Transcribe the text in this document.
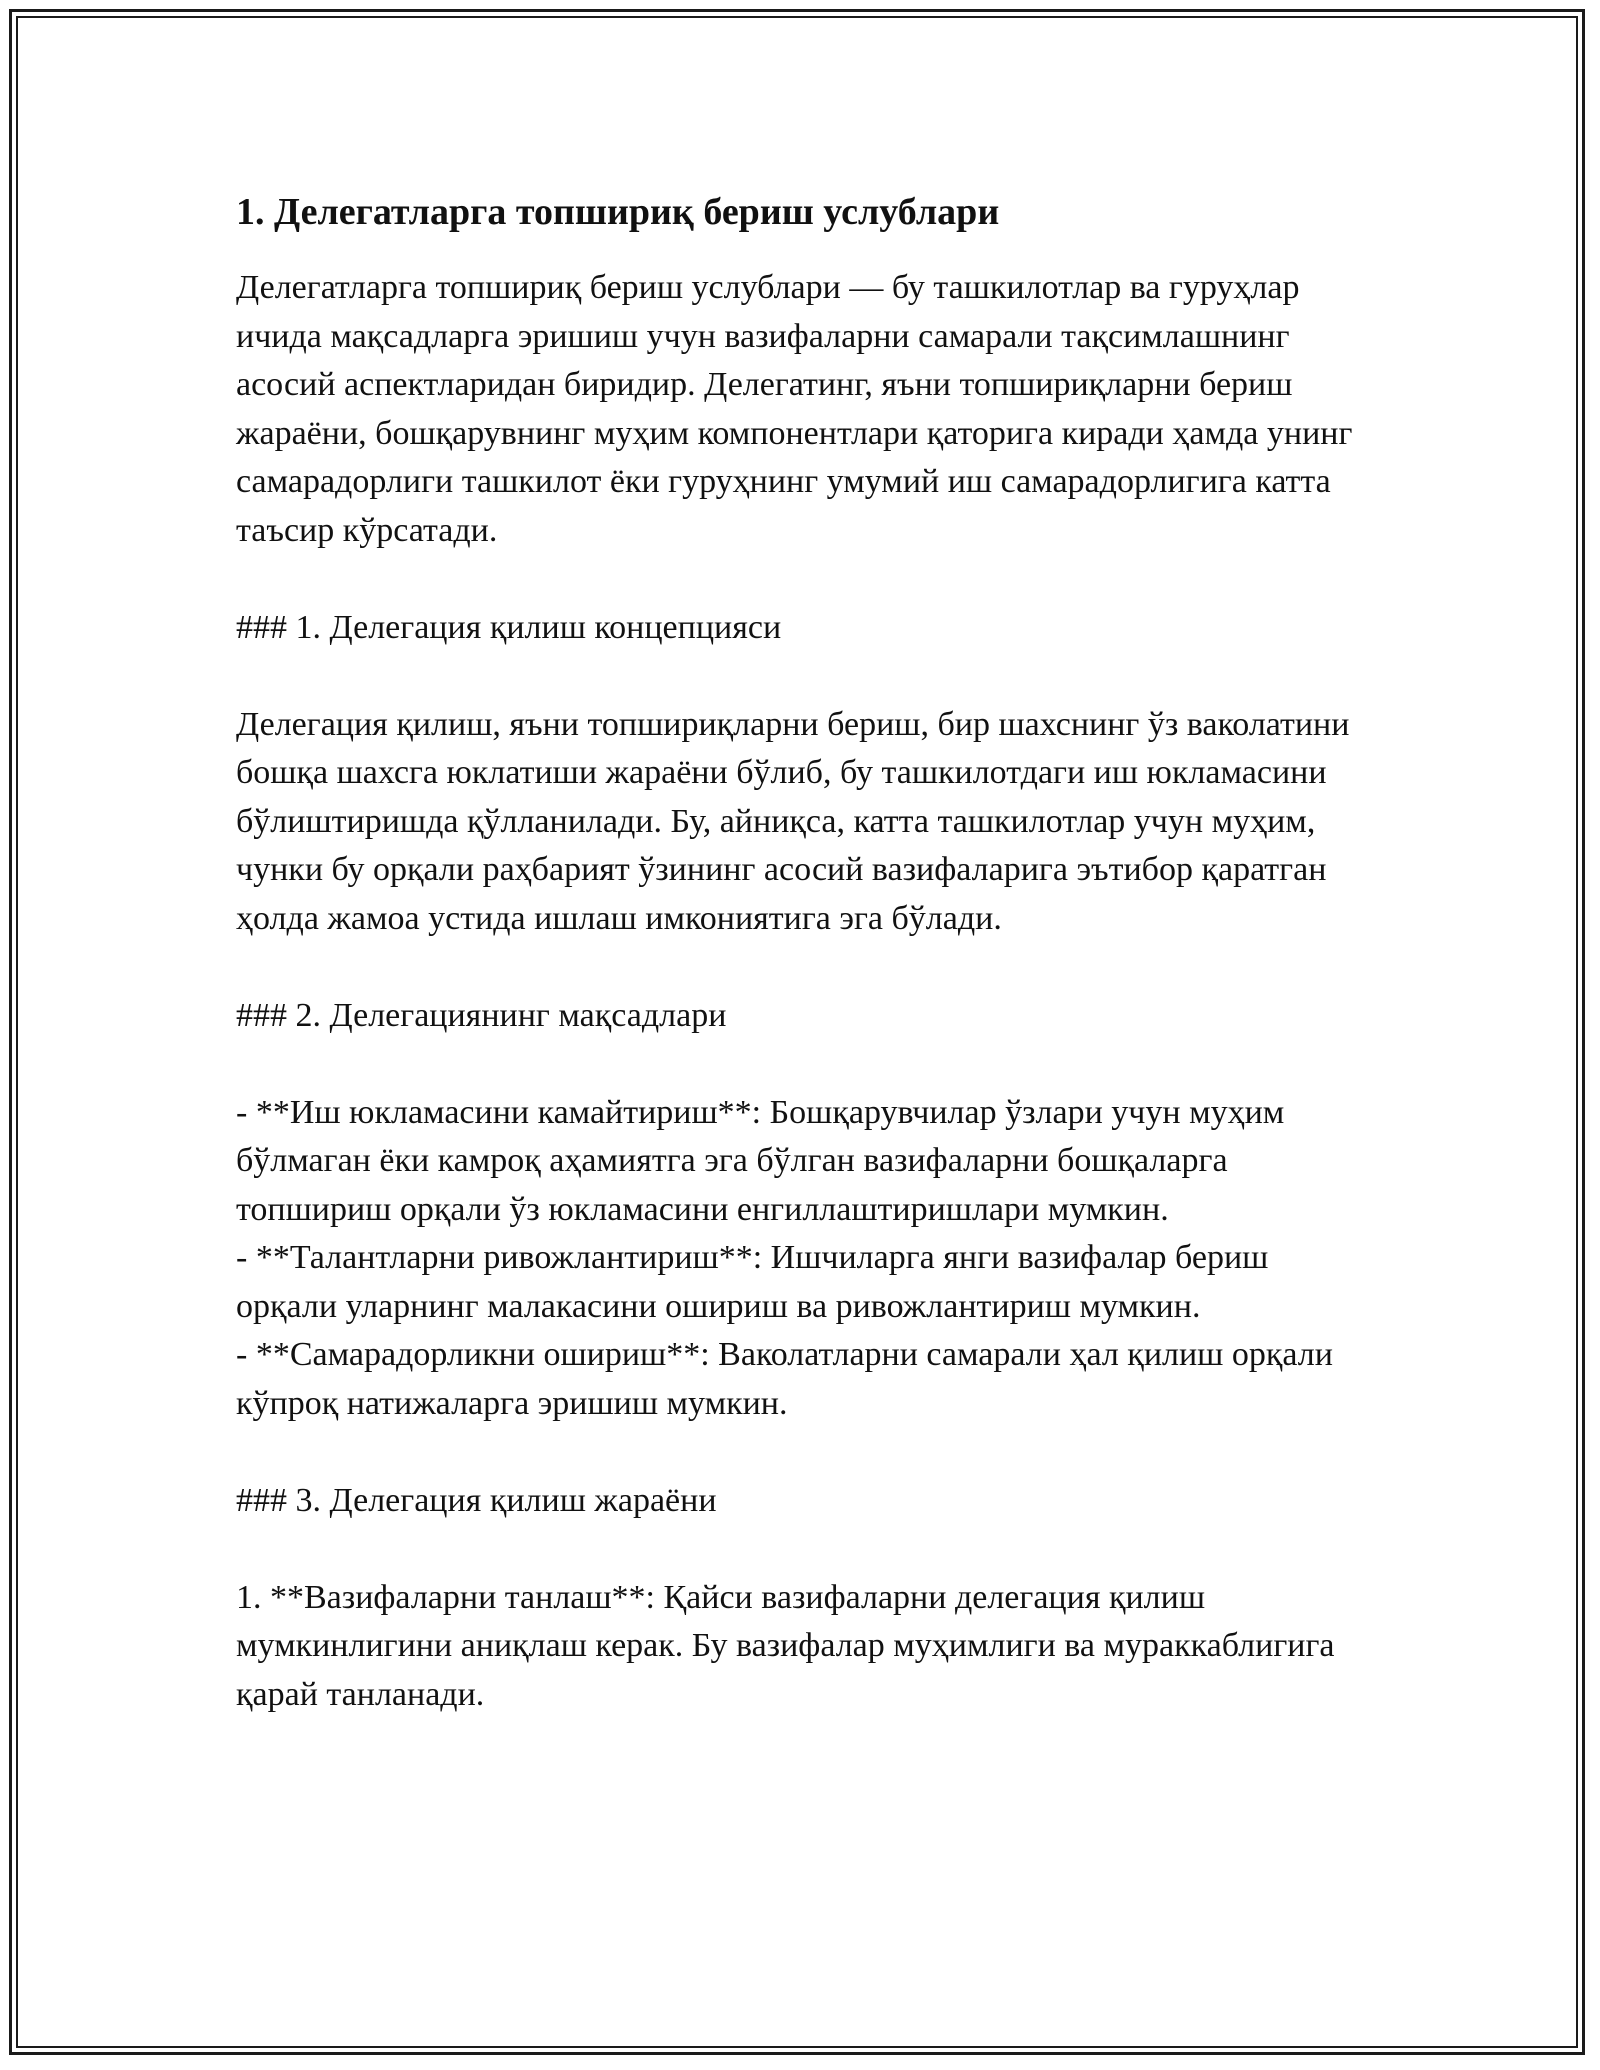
1. Делегатларга топшириқ бериш услублари

Делегатларга топшириқ бериш услублари — бу ташкилотлар ва гуруҳлар ичида мақсадларга эришиш учун вазифаларни самарали тақсимлашнинг асосий аспектларидан биридир. Делегатинг, яъни топшириқларни бериш жараёни, бошқарувнинг муҳим компонентлари қаторига киради ҳамда унинг самарадорлиги ташкилот ёки гуруҳнинг умумий иш самарадорлигига катта таъсир кўрсатади.

### 1. Делегация қилиш концепцияси

Делегация қилиш, яъни топшириқларни бериш, бир шахснинг ўз ваколатини бошқа шахсга юклатиши жараёни бўлиб, бу ташкилотдаги иш юкламасини бўлиштиришда қўлланилади. Бу, айниқса, катта ташкилотлар учун муҳим, чунки бу орқали раҳбарият ўзининг асосий вазифаларига эътибор қаратган ҳолда жамоа устида ишлаш имкониятига эга бўлади.

### 2. Делегациянинг мақсадлари

- **Иш юкламасини камайтириш**: Бошқарувчилар ўзлари учун муҳим бўлмаган ёки камроқ аҳамиятга эга бўлган вазифаларни бошқаларга топшириш орқали ўз юкламасини енгиллаштиришлари мумкин.

- **Талантларни ривожлантириш**: Ишчиларга янги вазифалар бериш орқали уларнинг малакасини ошириш ва ривожлантириш мумкин.

- **Самарадорликни ошириш**: Ваколатларни самарали ҳал қилиш орқали кўпроқ натижаларга эришиш мумкин.

### 3. Делегация қилиш жараёни

1. **Вазифаларни танлаш**: Қайси вазифаларни делегация қилиш мумкинлигини аниқлаш керак. Бу вазифалар муҳимлиги ва мураккаблигига қарай танланади.
